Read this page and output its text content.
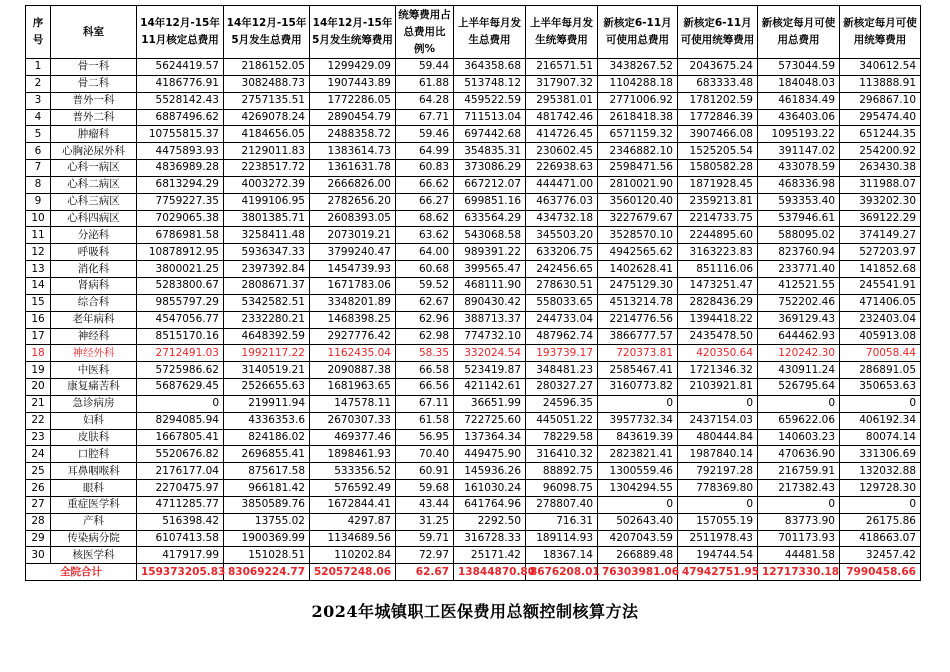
序号	科室	14年12月-15年11月核定总费用	14年12月-15年5月发生总费用	14年12月-15年5月发生统筹费用	统筹费用占总费用比例%	上半年每月发生总费用	上半年每月发生统筹费用	新核定6-11月可使用总费用	新核定6-11月可使用统筹费用	新核定每月可使用总费用	新核定每月可使用统筹费用
1	骨一科	5624419.57	2186152.05	1299429.09	59.44	364358.68	216571.51	3438267.52	2043675.24	573044.59	340612.54
2	骨二科	4186776.91	3082488.73	1907443.89	61.88	513748.12	317907.32	1104288.18	683333.48	184048.03	113888.91
3	普外一科	5528142.43	2757135.51	1772286.05	64.28	459522.59	295381.01	2771006.92	1781202.59	461834.49	296867.10
4	普外二科	6887496.62	4269078.24	2890454.79	67.71	711513.04	481742.46	2618418.38	1772846.39	436403.06	295474.40
5	肿瘤科	10755815.37	4184656.05	2488358.72	59.46	697442.68	414726.45	6571159.32	3907466.08	1095193.22	651244.35
6	心胸泌尿外科	4475893.93	2129011.83	1383614.73	64.99	354835.31	230602.45	2346882.10	1525205.54	391147.02	254200.92
7	心科一病区	4836989.28	2238517.72	1361631.78	60.83	373086.29	226938.63	2598471.56	1580582.28	433078.59	263430.38
8	心科二病区	6813294.29	4003272.39	2666826.00	66.62	667212.07	444471.00	2810021.90	1871928.45	468336.98	311988.07
9	心科三病区	7759227.35	4199106.95	2782656.20	66.27	699851.16	463776.03	3560120.40	2359213.81	593353.40	393202.30
10	心科四病区	7029065.38	3801385.71	2608393.05	68.62	633564.29	434732.18	3227679.67	2214733.75	537946.61	369122.29
11	分泌科	6786981.58	3258411.48	2073019.21	63.62	543068.58	345503.20	3528570.10	2244895.60	588095.02	374149.27
12	呼吸科	10878912.95	5936347.33	3799240.47	64.00	989391.22	633206.75	4942565.62	3163223.83	823760.94	527203.97
13	消化科	3800021.25	2397392.84	1454739.93	60.68	399565.47	242456.65	1402628.41	851116.06	233771.40	141852.68
14	肾病科	5283800.67	2808671.37	1671783.06	59.52	468111.90	278630.51	2475129.30	1473251.47	412521.55	245541.91
15	综合科	9855797.29	5342582.51	3348201.89	62.67	890430.42	558033.65	4513214.78	2828436.29	752202.46	471406.05
16	老年病科	4547056.77	2332280.21	1468398.25	62.96	388713.37	244733.04	2214776.56	1394418.22	369129.43	232403.04
17	神经科	8515170.16	4648392.59	2927776.42	62.98	774732.10	487962.74	3866777.57	2435478.50	644462.93	405913.08
18	神经外科	2712491.03	1992117.22	1162435.04	58.35	332024.54	193739.17	720373.81	420350.64	120242.30	70058.44
19	中医科	5725986.62	3140519.21	2090887.38	66.58	523419.87	348481.23	2585467.41	1721346.32	430911.24	286891.05
20	康复痛苦科	5687629.45	2526655.63	1681963.65	66.56	421142.61	280327.27	3160773.82	2103921.81	526795.64	350653.63
21	急诊病房	0	219911.94	147578.11	67.11	36651.99	24596.35	0	0	0	0
22	妇科	8294085.94	4336353.6	2670307.33	61.58	722725.60	445051.22	3957732.34	2437154.03	659622.06	406192.34
23	皮肤科	1667805.41	824186.02	469377.46	56.95	137364.34	78229.58	843619.39	480444.84	140603.23	80074.14
24	口腔科	5520676.82	2696855.41	1898461.93	70.40	449475.90	316410.32	2823821.41	1987840.14	470636.90	331306.69
25	耳鼻咽喉科	2176177.04	875617.58	533356.52	60.91	145936.26	88892.75	1300559.46	792197.28	216759.91	132032.88
26	眼科	2270475.97	966181.42	576592.49	59.68	161030.24	96098.75	1304294.55	778369.80	217382.43	129728.30
27	重症医学科	4711285.77	3850589.76	1672844.41	43.44	641764.96	278807.40	0	0	0	0
28	产科	516398.42	13755.02	4297.87	31.25	2292.50	716.31	502643.40	157055.19	83773.90	26175.86
29	传染病分院	6107413.58	1900369.99	1134689.56	59.71	316728.33	189114.93	4207043.59	2511978.43	701173.93	418663.07
30	核医学科	417917.99	151028.51	110202.84	72.97	25171.42	18367.14	266889.48	194744.54	44481.58	32457.42
全院合计		159373205.83	83069224.77	52057248.06	62.67	13844870.80	8676208.01	76303981.06	47942751.95	12717330.18	7990458.66
2024年城镇职工医保费用总额控制核算方法
